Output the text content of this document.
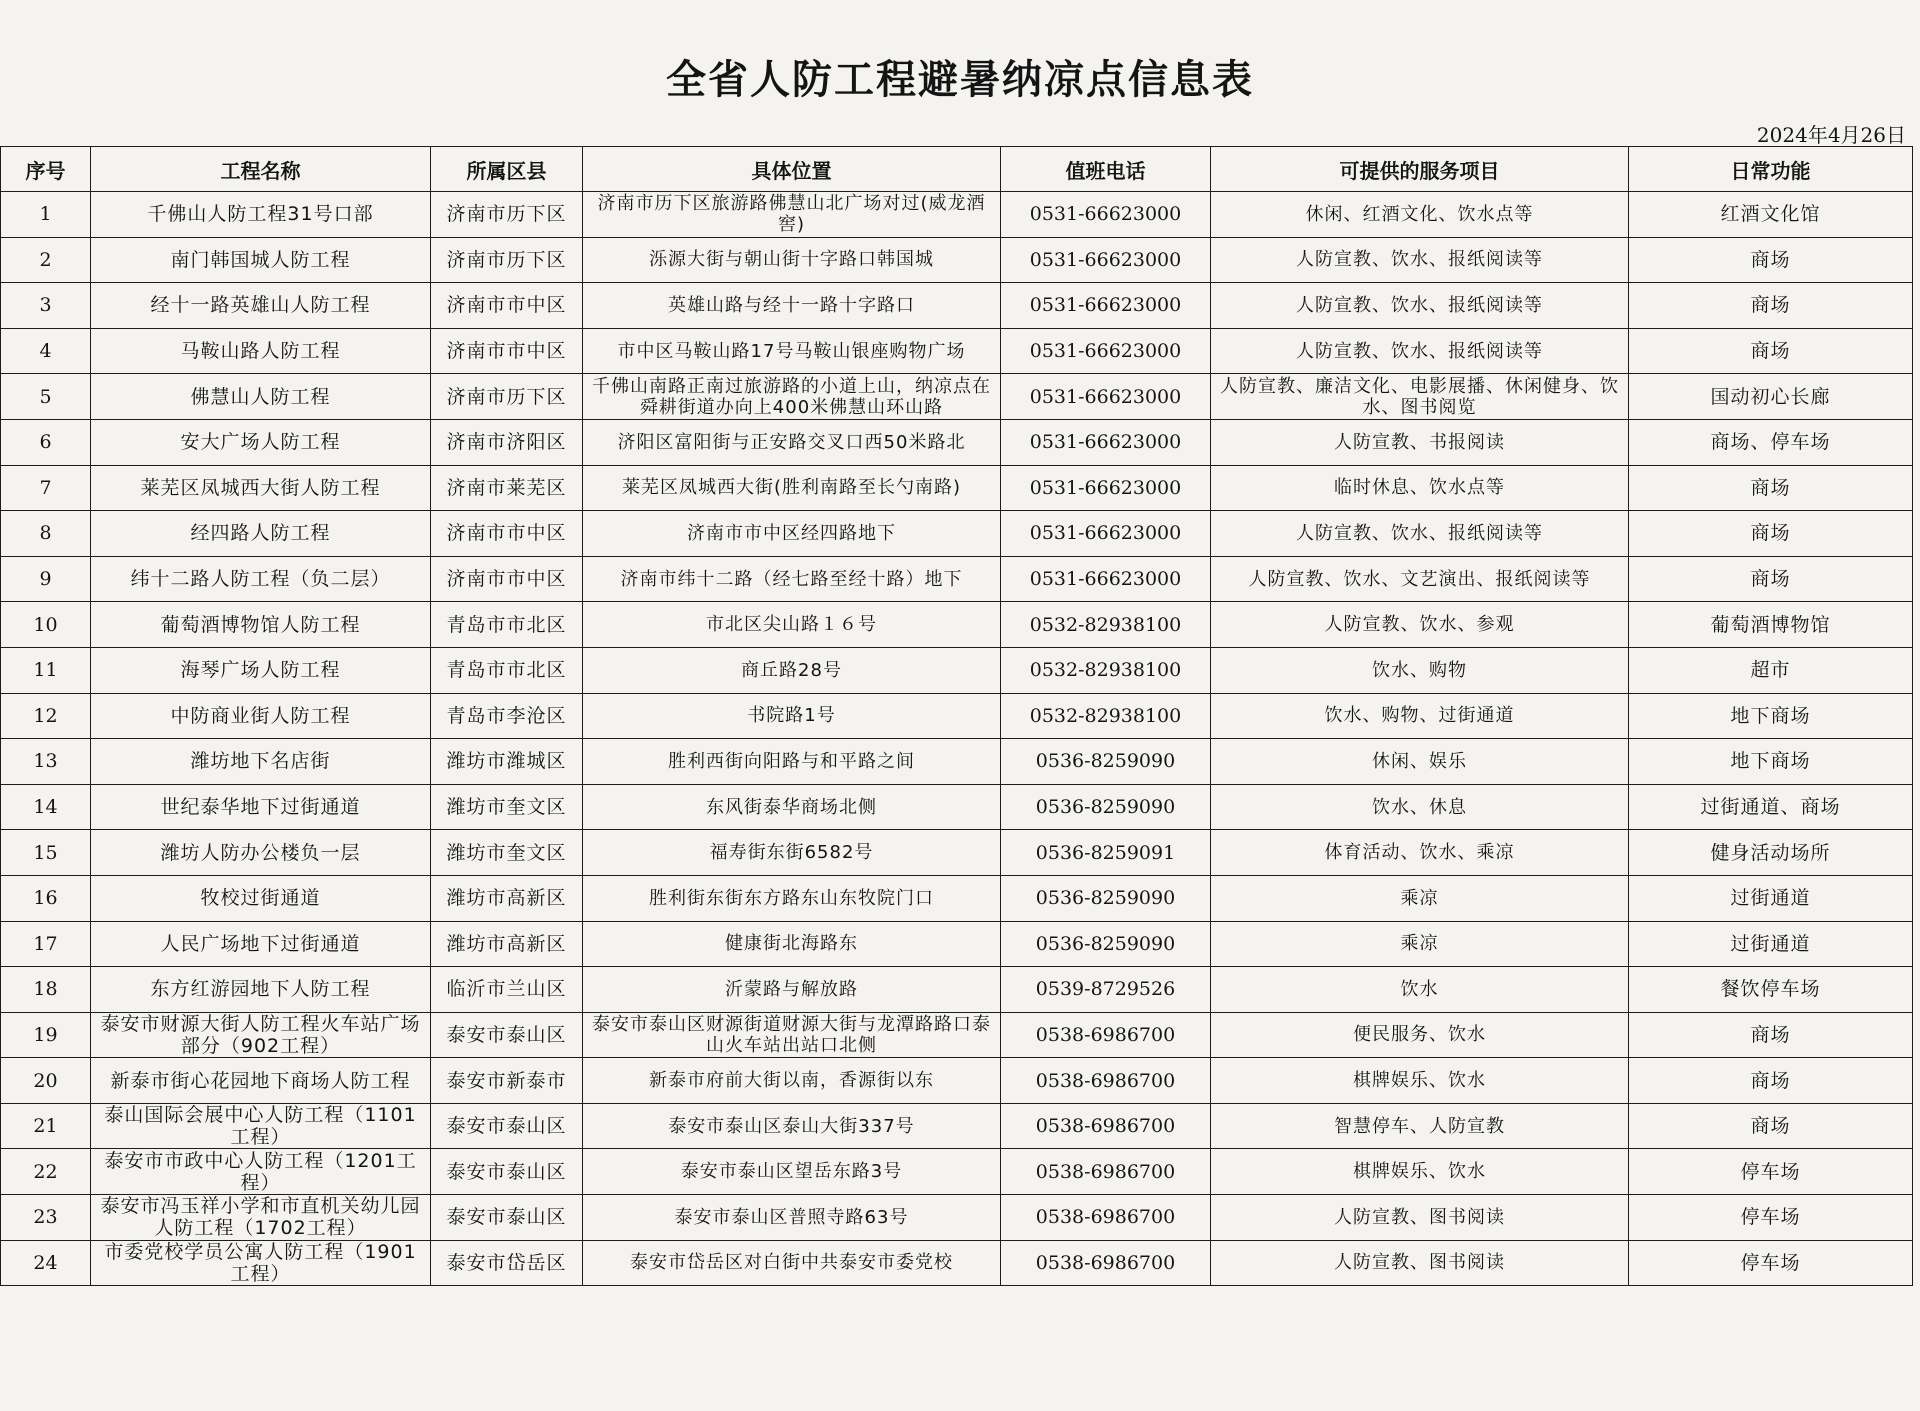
全省人防工程避暑纳凉点信息表
2024年4月26日
序号	工程名称	所属区县	具体位置	值班电话	可提供的服务项目	日常功能
1	千佛山人防工程31号口部	济南市历下区	济南市历下区旅游路佛慧山北广场对过(威龙酒窖)	0531-66623000	休闲、红酒文化、饮水点等	红酒文化馆
2	南门韩国城人防工程	济南市历下区	泺源大街与朝山街十字路口韩国城	0531-66623000	人防宣教、饮水、报纸阅读等	商场
3	经十一路英雄山人防工程	济南市市中区	英雄山路与经十一路十字路口	0531-66623000	人防宣教、饮水、报纸阅读等	商场
4	马鞍山路人防工程	济南市市中区	市中区马鞍山路17号马鞍山银座购物广场	0531-66623000	人防宣教、饮水、报纸阅读等	商场
5	佛慧山人防工程	济南市历下区	千佛山南路正南过旅游路的小道上山，纳凉点在舜耕街道办向上400米佛慧山环山路	0531-66623000	人防宣教、廉洁文化、电影展播、休闲健身、饮水、图书阅览	国动初心长廊
6	安大广场人防工程	济南市济阳区	济阳区富阳街与正安路交叉口西50米路北	0531-66623000	人防宣教、书报阅读	商场、停车场
7	莱芜区凤城西大街人防工程	济南市莱芜区	莱芜区凤城西大街(胜利南路至长勺南路)	0531-66623000	临时休息、饮水点等	商场
8	经四路人防工程	济南市市中区	济南市市中区经四路地下	0531-66623000	人防宣教、饮水、报纸阅读等	商场
9	纬十二路人防工程（负二层）	济南市市中区	济南市纬十二路（经七路至经十路）地下	0531-66623000	人防宣教、饮水、文艺演出、报纸阅读等	商场
10	葡萄酒博物馆人防工程	青岛市市北区	市北区尖山路１６号	0532-82938100	人防宣教、饮水、参观	葡萄酒博物馆
11	海琴广场人防工程	青岛市市北区	商丘路28号	0532-82938100	饮水、购物	超市
12	中防商业街人防工程	青岛市李沧区	书院路1号	0532-82938100	饮水、购物、过街通道	地下商场
13	潍坊地下名店街	潍坊市潍城区	胜利西街向阳路与和平路之间	0536-8259090	休闲、娱乐	地下商场
14	世纪泰华地下过街通道	潍坊市奎文区	东风街泰华商场北侧	0536-8259090	饮水、休息	过街通道、商场
15	潍坊人防办公楼负一层	潍坊市奎文区	福寿街东街6582号	0536-8259091	体育活动、饮水、乘凉	健身活动场所
16	牧校过街通道	潍坊市高新区	胜利街东街东方路东山东牧院门口	0536-8259090	乘凉	过街通道
17	人民广场地下过街通道	潍坊市高新区	健康街北海路东	0536-8259090	乘凉	过街通道
18	东方红游园地下人防工程	临沂市兰山区	沂蒙路与解放路	0539-8729526	饮水	餐饮停车场
19	泰安市财源大街人防工程火车站广场部分（902工程）	泰安市泰山区	泰安市泰山区财源街道财源大街与龙潭路路口泰山火车站出站口北侧	0538-6986700	便民服务、饮水	商场
20	新泰市街心花园地下商场人防工程	泰安市新泰市	新泰市府前大街以南，香源街以东	0538-6986700	棋牌娱乐、饮水	商场
21	泰山国际会展中心人防工程（1101工程）	泰安市泰山区	泰安市泰山区泰山大街337号	0538-6986700	智慧停车、人防宣教	商场
22	泰安市市政中心人防工程（1201工程）	泰安市泰山区	泰安市泰山区望岳东路3号	0538-6986700	棋牌娱乐、饮水	停车场
23	泰安市冯玉祥小学和市直机关幼儿园人防工程（1702工程）	泰安市泰山区	泰安市泰山区普照寺路63号	0538-6986700	人防宣教、图书阅读	停车场
24	市委党校学员公寓人防工程（1901工程）	泰安市岱岳区	泰安市岱岳区对白街中共泰安市委党校	0538-6986700	人防宣教、图书阅读	停车场
